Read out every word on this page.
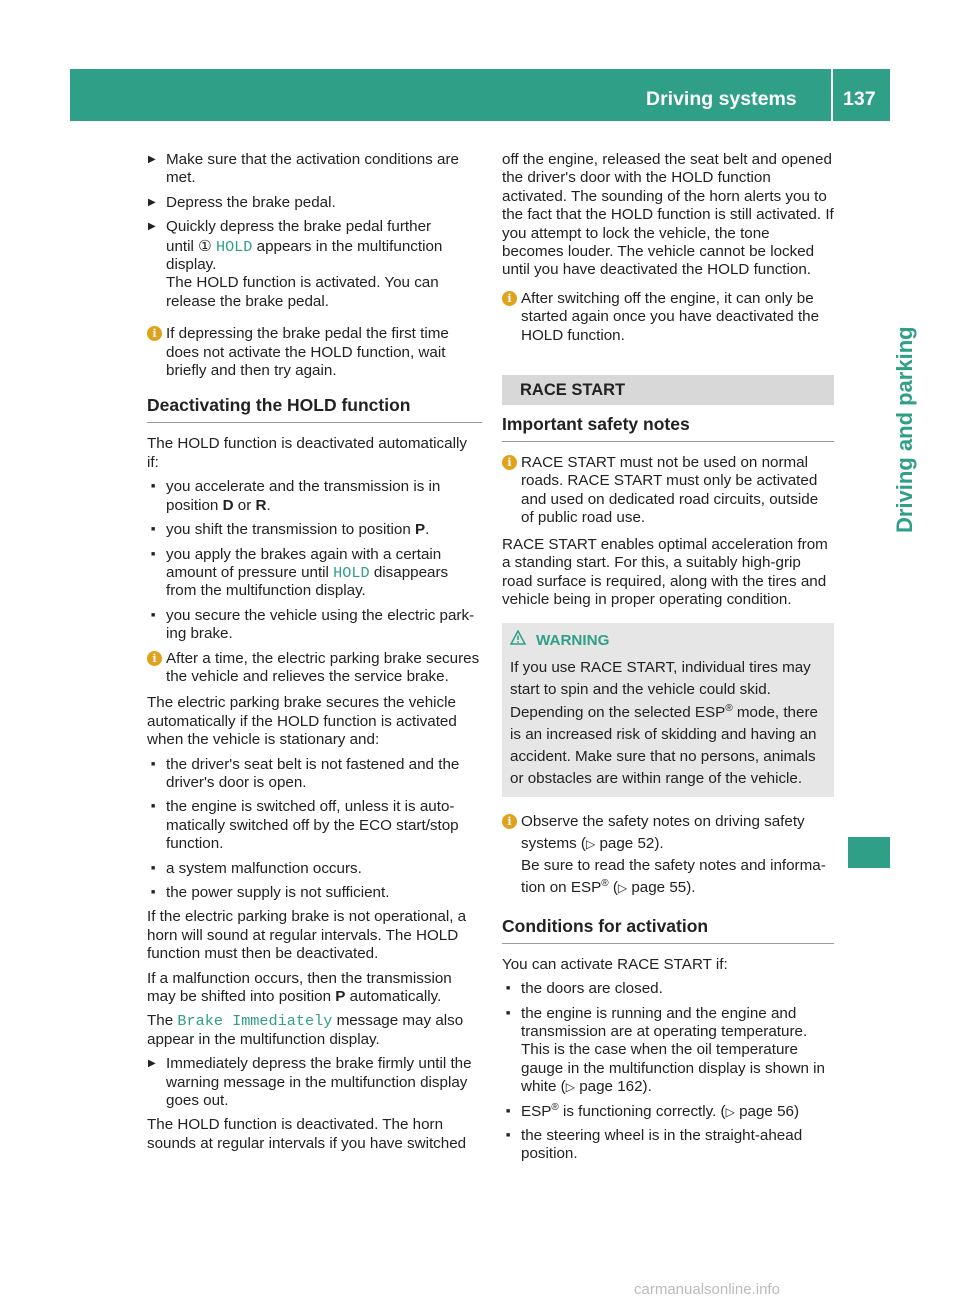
Driving systems 137
Driving and parking
▶ Make sure that the activation conditions are met.
▶ Depress the brake pedal.
▶ Quickly depress the brake pedal further
until ① HOLD appears in the multifunction display.
The HOLD function is activated. You can release the brake pedal.
i If depressing the brake pedal the first time does not activate the HOLD function, wait briefly and then try again.
Deactivating the HOLD function

The HOLD function is deactivated automatically if:

■ you accelerate and the transmission is in position D or R.
■ you shift the transmission to position P.
■ you apply the brakes again with a certain amount of pressure until HOLD disappears from the multifunction display.
■ you secure the vehicle using the electric park- ing brake.
i After a time, the electric parking brake secures the vehicle and relieves the service brake.

The electric parking brake secures the vehicle automatically if the HOLD function is activated when the vehicle is stationary and:

■ the driver's seat belt is not fastened and the driver's door is open.
■ the engine is switched off, unless it is auto- matically switched off by the ECO start/stop function.
■ a system malfunction occurs.
■ the power supply is not sufficient.

If the electric parking brake is not operational, a horn will sound at regular intervals. The HOLD function must then be deactivated.

If a malfunction occurs, then the transmission may be shifted into position P automatically.

The Brake Immediately message may also appear in the multifunction display.

▶ Immediately depress the brake firmly until the warning message in the multifunction display goes out.

The HOLD function is deactivated. The horn sounds at regular intervals if you have switched

off the engine, released the seat belt and opened the driver's door with the HOLD function activated. The sounding of the horn alerts you to the fact that the HOLD function is still activated. If you attempt to lock the vehicle, the tone becomes louder. The vehicle cannot be locked until you have deactivated the HOLD function.

i After switching off the engine, it can only be started again once you have deactivated the HOLD function.
RACE START
Important safety notes
i RACE START must not be used on normal roads. RACE START must only be activated and used on dedicated road circuits, outside of public road use.

RACE START enables optimal acceleration from a standing start. For this, a suitably high-grip road surface is required, along with the tires and vehicle being in proper operating condition.

WARNING

If you use RACE START, individual tires may start to spin and the vehicle could skid.

Depending on the selected ESP® mode, there is an increased risk of skidding and having an accident. Make sure that no persons, animals or obstacles are within range of the vehicle.

i Observe the safety notes on driving safety systems (▷ page 52).
Be sure to read the safety notes and informa- tion on ESP® (▷ page 55).
Conditions for activation

You can activate RACE START if:

■ the doors are closed.
■ the engine is running and the engine and transmission are at operating temperature. This is the case when the oil temperature gauge in the multifunction display is shown in white (▷ page 162).
■ ESP® is functioning correctly. (▷ page 56)
■ the steering wheel is in the straight-ahead position.
carmanualsonline.info
